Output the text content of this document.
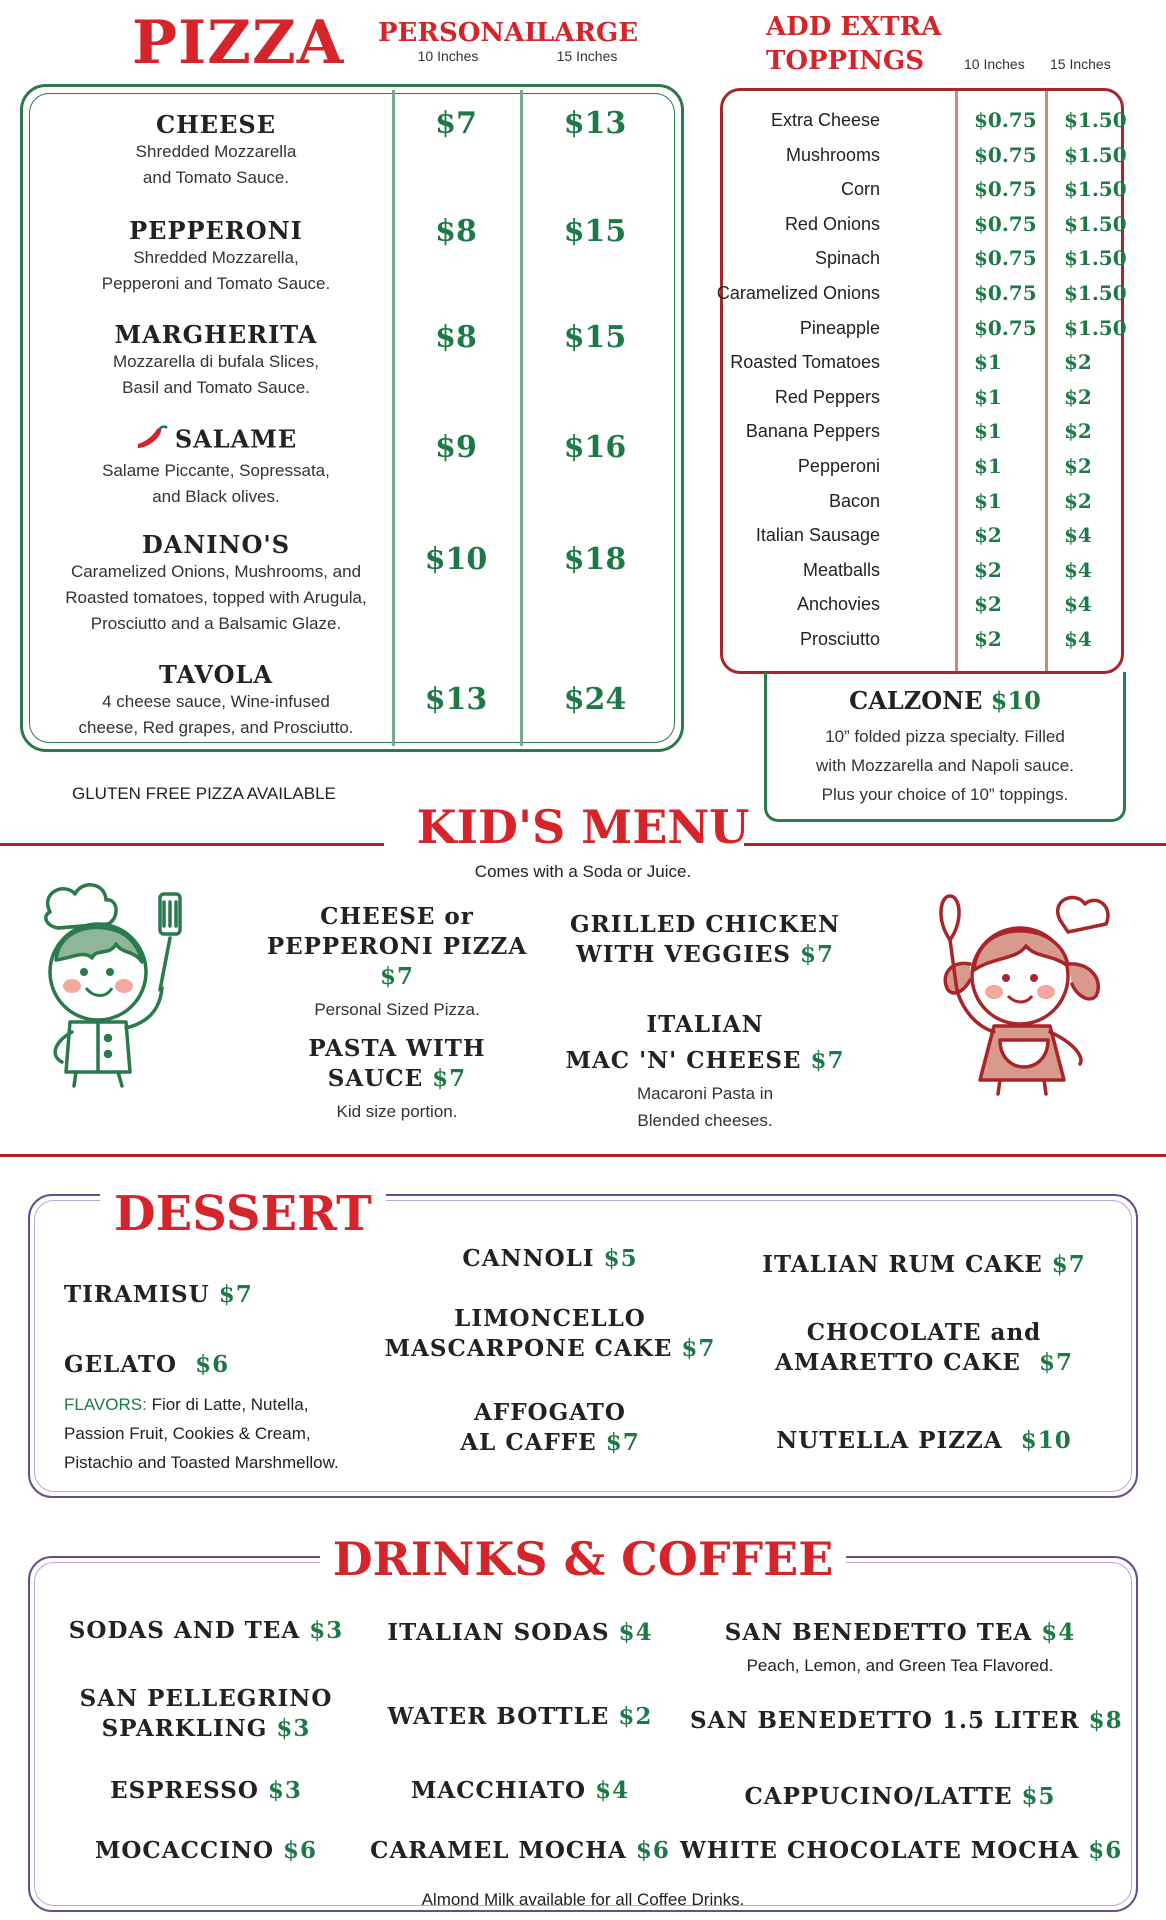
PIZZA PERSONAL
10 Inches
LARGE
15 Inches
CHEESE
Shredded Mozzarella
and Tomato Sauce.
$7	$13
PEPPERONI
Shredded Mozzarella,
Pepperoni and Tomato Sauce.
$8	$15
MARGHERITA
Mozzarella di bufala Slices,
Basil and Tomato Sauce.
$8	$15
SALAME
Salame Piccante, Sopressata,
and Black olives.
$9	$16
DANINO'S
Caramelized Onions, Mushrooms, and
Roasted tomatoes, topped with Arugula,
Prosciutto and a Balsamic Glaze.
$10	$18
TAVOLA
4 cheese sauce, Wine-infused
cheese, Red grapes, and Prosciutto.
$13	$24
GLUTEN FREE PIZZA AVAILABLE
ADD EXTRA
TOPPINGS	10 Inches 15 Inches
Extra Cheese	$0.75 $1.50
Mushrooms	$0.75 $1.50
Corn	$0.75 $1.50
Red Onions	$0.75 $1.50
Spinach	$0.75 $1.50
Caramelized Onions	$0.75 $1.50
Pineapple	$0.75 $1.50
Roasted Tomatoes	$1	$2
Red Peppers	$1	$2
Banana Peppers	$1	$2
Pepperoni	$1	$2
Bacon	$1	$2
Italian Sausage	$2	$4
Meatballs	$2	$4
Anchovies	$2	$4
Prosciutto	$2	$4
CALZONE $10
10” folded pizza specialty. Filled
with Mozzarella and Napoli sauce.
Plus your choice of 10” toppings.
KID'S MENU
Comes with a Soda or Juice.
CHEESE or
PEPPERONI PIZZA $7
Personal Sized Pizza.
GRILLED CHICKEN
WITH VEGGIES $7
PASTA WITH
SAUCE $7
Kid size portion.
ITALIAN
MAC 'N' CHEESE $7
Macaroni Pasta in
Blended cheeses.
DESSERT
TIRAMISU $7
GELATO $6
FLAVORS: Fior di Latte, Nutella,
Passion Fruit, Cookies & Cream,
Pistachio and Toasted Marshmellow.
CANNOLI $5
LIMONCELLO
MASCARPONE CAKE $7
AFFOGATO
AL CAFFE $7
ITALIAN RUM CAKE $7
CHOCOLATE and
AMARETTO CAKE $7
NUTELLA PIZZA $10
DRINKS & COFFEE
SODAS AND TEA $3	ITALIAN SODAS $4	SAN BENEDETTO TEA $4
Peach, Lemon, and Green Tea Flavored.
SAN PELLEGRINO
SPARKLING $3	WATER BOTTLE $2	SAN BENEDETTO 1.5 LITER $8
ESPRESSO $3	MACCHIATO $4	CAPPUCINO/LATTE $5
MOCACCINO $6	CARAMEL MOCHA $6 WHITE CHOCOLATE MOCHA $6
Almond Milk available for all Coffee Drinks.
